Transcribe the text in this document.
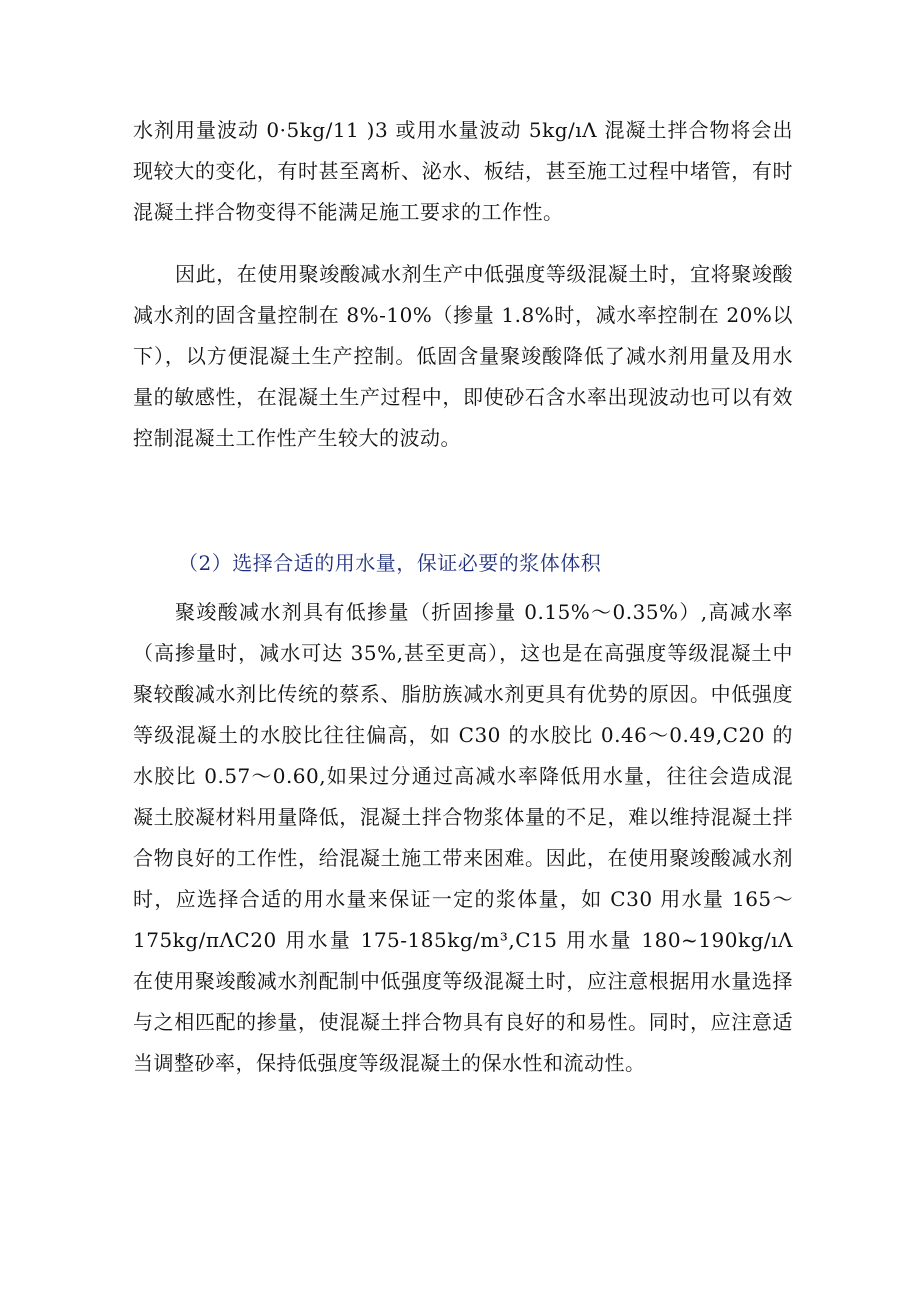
水剂用量波动 0·5kg/11 )3 或用水量波动 5kg/ıΛ 混凝土拌合物将会出现较大的变化，有时甚至离析、泌水、板结，甚至施工过程中堵管，有时混凝土拌合物变得不能满足施工要求的工作性。

因此，在使用聚竣酸减水剂生产中低强度等级混凝土时，宜将聚竣酸减水剂的固含量控制在 8%-10%（掺量 1.8%时，减水率控制在 20%以下），以方便混凝土生产控制。低固含量聚竣酸降低了减水剂用量及用水量的敏感性，在混凝土生产过程中，即使砂石含水率出现波动也可以有效控制混凝土工作性产生较大的波动。

（2）选择合适的用水量，保证必要的浆体体积

聚竣酸减水剂具有低掺量（折固掺量 0.15%～0.35%）,高减水率（高掺量时，减水可达 35%,甚至更高），这也是在高强度等级混凝土中聚较酸减水剂比传统的蔡系、脂肪族减水剂更具有优势的原因。中低强度等级混凝土的水胶比往往偏高，如 C30 的水胶比 0.46～0.49,C20 的水胶比 0.57～0.60,如果过分通过高减水率降低用水量，往往会造成混凝土胶凝材料用量降低，混凝土拌合物浆体量的不足，难以维持混凝土拌合物良好的工作性，给混凝土施工带来困难。因此，在使用聚竣酸减水剂时，应选择合适的用水量来保证一定的浆体量，如 C30 用水量 165～175kg/πΛC20 用水量 175-185kg/m³,C15 用水量 180~190kg/ıΛ 在使用聚竣酸减水剂配制中低强度等级混凝土时，应注意根据用水量选择与之相匹配的掺量，使混凝土拌合物具有良好的和易性。同时，应注意适当调整砂率，保持低强度等级混凝土的保水性和流动性。
